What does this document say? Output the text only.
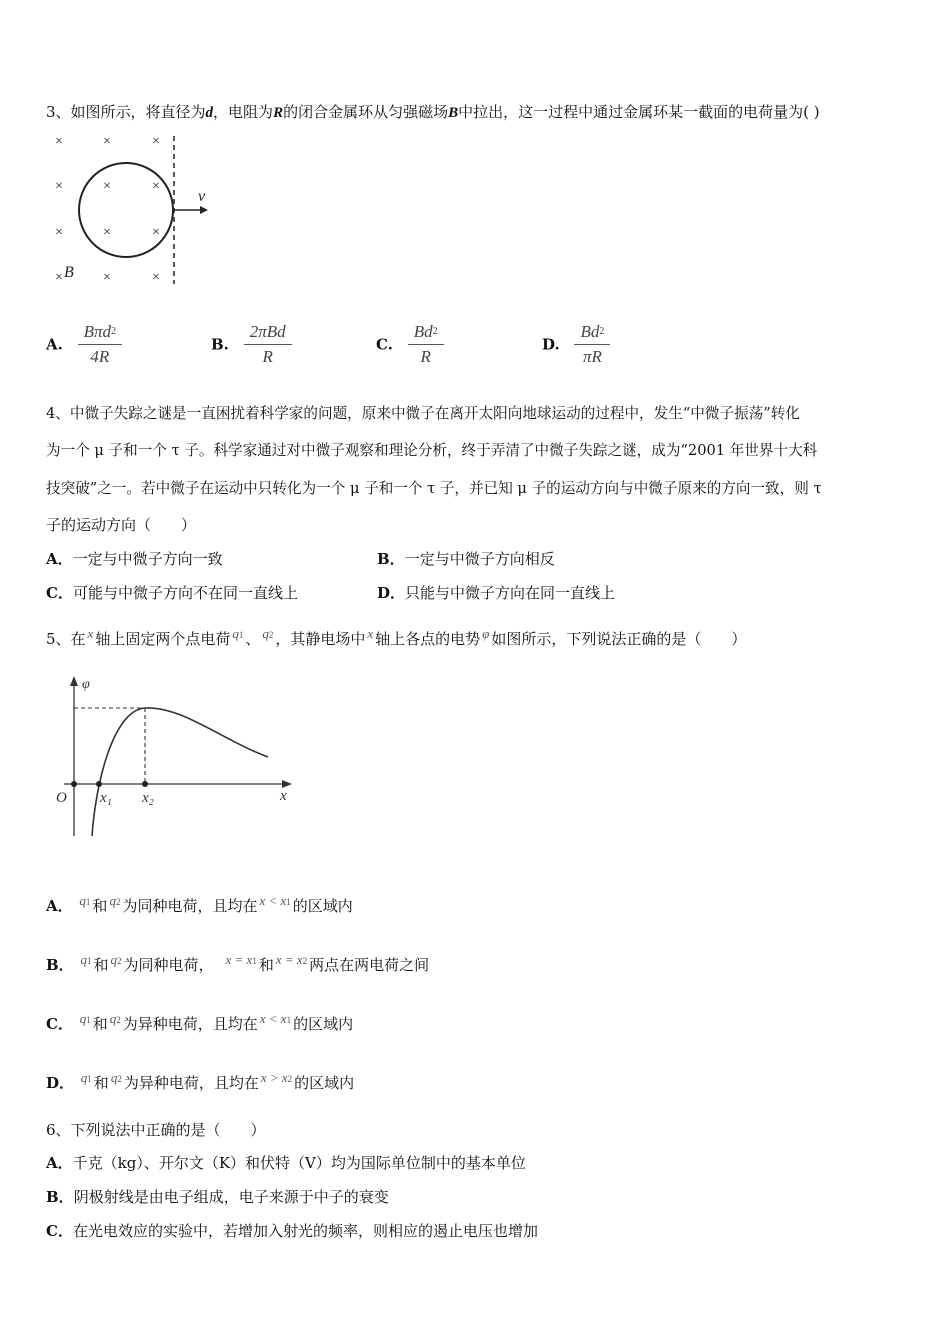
3、如图所示，将直径为d，电阻为R的闭合金属环从匀强磁场B中拉出，这一过程中通过金属环某一截面的电荷量为( )
×	×	×
×	×	×
×	×	×
×	×	×
v
B
A. $\frac{B\pi d^2}{4R}$	B. $\frac{\text{2πBd}}{R}$	C. $\frac{Bd^2}{R}$	D. $\frac{Bd^2}{\pi R}$
4、中微子失踪之谜是一直困扰着科学家的问题，原来中微子在离开太阳向地球运动的过程中，发生“中微子振荡”转化
为一个 μ 子和一个 τ 子。科学家通过对中微子观察和理论分析，终于弄清了中微子失踪之谜，成为“2001 年世界十大科
技突破”之一。若中微子在运动中只转化为一个 μ 子和一个 τ 子，并已知 μ 子的运动方向与中微子原来的方向一致，则 τ
子的运动方向（　　）
A．一定与中微子方向一致	B．一定与中微子方向相反
C．可能与中微子方向不在同一直线上	D．只能与中微子方向在同一直线上
5、在 x 轴上固定两个点电荷 q1 、 q2 ，其静电场中 x 轴上各点的电势 φ 如图所示，下列说法正确的是（　　）
φ
O x₁ x₂	x
A． q1 和 q2 为同种电荷，且均在 x < x1 的区域内
B． q1 和 q2 为同种电荷， x = x1 和 x = x2 两点在两电荷之间
C． q1 和 q2 为异种电荷，且均在 x < x1 的区域内
D． q1 和 q2 为异种电荷，且均在 x > x2 的区域内
6、下列说法中正确的是（　　）
A．千克（kg）、开尔文（K）和伏特（V）均为国际单位制中的基本单位
B．阴极射线是由电子组成，电子来源于中子的衰变
C．在光电效应的实验中，若增加入射光的频率，则相应的遏止电压也增加
